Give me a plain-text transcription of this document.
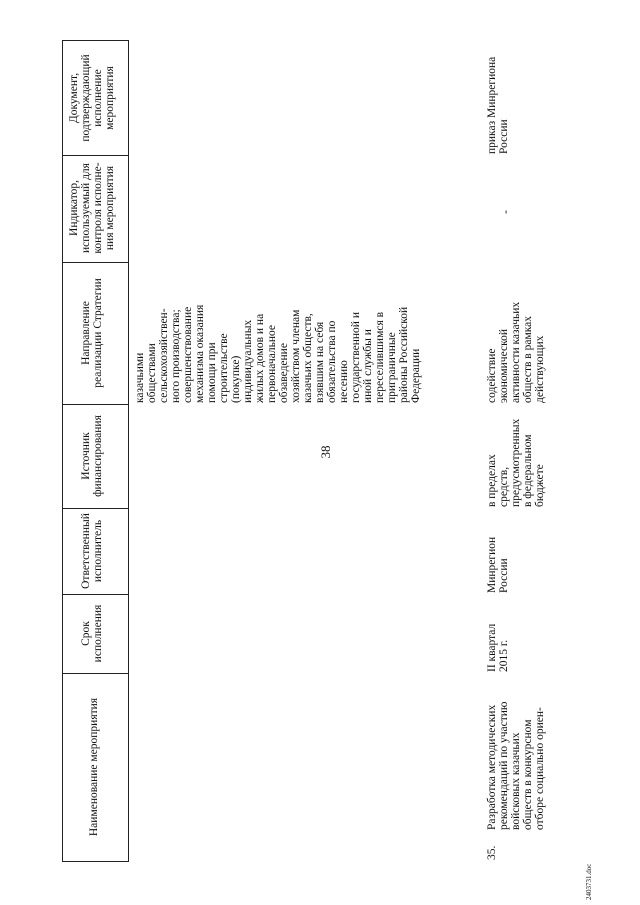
38
Документ, подтверждающий исполнение мероприятия
Индикатор, используемый для контроля исполне- ния мероприятия
Направление реализации Стратегии
Источник финансирования
Ответственный исполнитель
Срок исполнения
Наименование мероприятия
казачьими обществами сельскохозяйствен- ного производства; совершенствование механизма оказания помощи при строительстве (покупке) индивидуальных жилых домов и на первоначальное обзаведение хозяйством членам казачьих обществ, взявшим на себя обязательства по несению государственной и иной службы и переселившимся в приграничные районы Российской Федерации
35.
Разработка методических рекомендаций по участию войсковых казачьих обществ в конкурсном отборе социально ориен-
II квартал 2015 г.
Минрегион России
в пределах средств, предусмотренных в федеральном бюджете
содействие экономической активности казачьих обществ в рамках действующих
-
приказ Минрегиона России
2403731.doc
